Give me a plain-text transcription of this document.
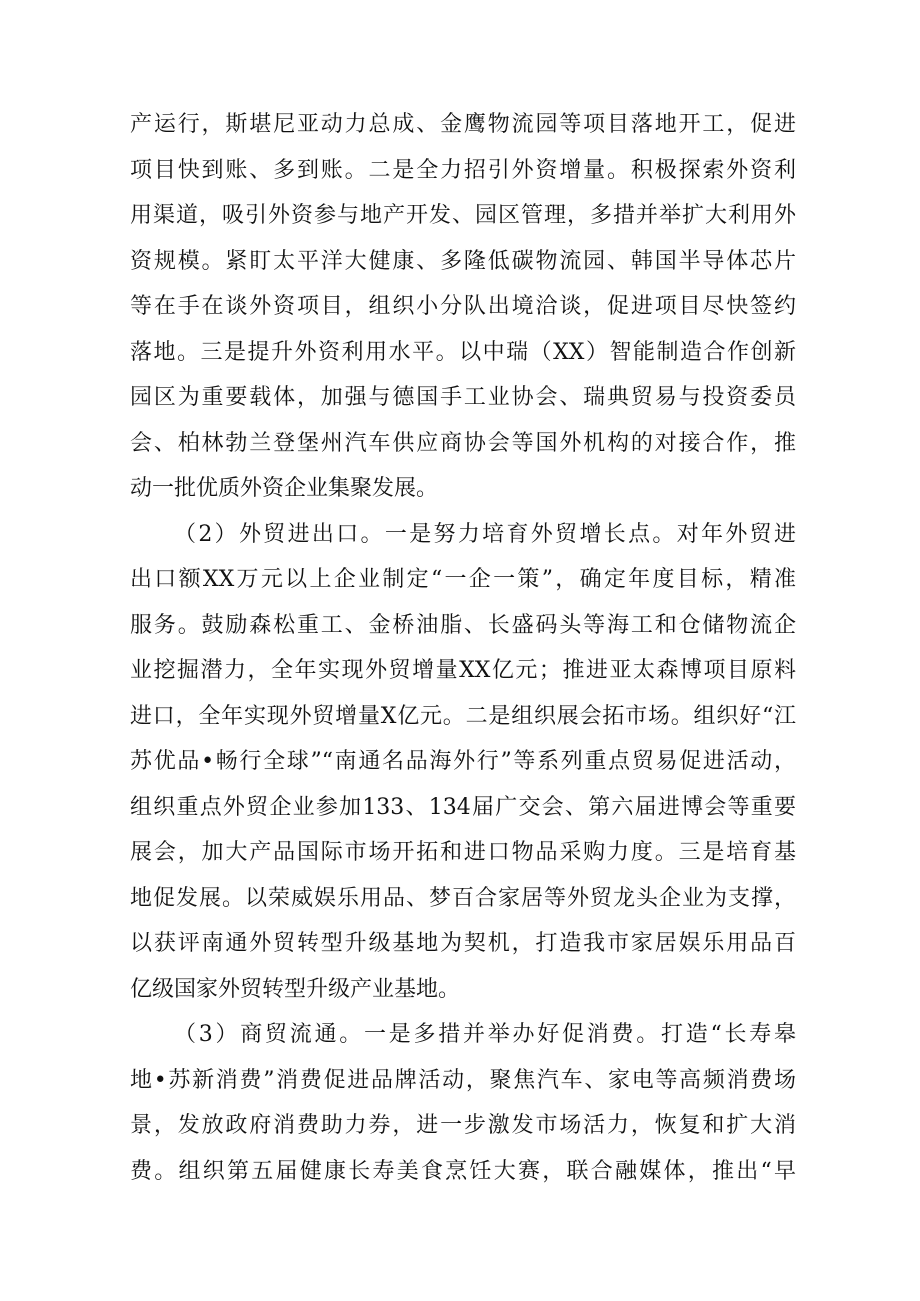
产运行，斯堪尼亚动力总成、金鹰物流园等项目落地开工，促进
项目快到账、多到账。二是全力招引外资增量。积极探索外资利
用渠道，吸引外资参与地产开发、园区管理，多措并举扩大利用外
资规模。紧盯太平洋大健康、多隆低碳物流园、韩国半导体芯片
等在手在谈外资项目，组织小分队出境洽谈，促进项目尽快签约
落地。三是提升外资利用水平。以中瑞（XX）智能制造合作创新
园区为重要载体，加强与德国手工业协会、瑞典贸易与投资委员
会、柏林勃兰登堡州汽车供应商协会等国外机构的对接合作，推
动一批优质外资企业集聚发展。
（2）外贸进出口。一是努力培育外贸增长点。对年外贸进
出口额XX万元以上企业制定“一企一策”，确定年度目标，精准
服务。鼓励森松重工、金桥油脂、长盛码头等海工和仓储物流企
业挖掘潜力，全年实现外贸增量XX亿元；推进亚太森博项目原料
进口，全年实现外贸增量X亿元。二是组织展会拓市场。组织好“江
苏优品•畅行全球”“南通名品海外行”等系列重点贸易促进活动，
组织重点外贸企业参加133、134届广交会、第六届进博会等重要
展会，加大产品国际市场开拓和进口物品采购力度。三是培育基
地促发展。以荣威娱乐用品、梦百合家居等外贸龙头企业为支撑，
以获评南通外贸转型升级基地为契机，打造我市家居娱乐用品百
亿级国家外贸转型升级产业基地。
（3）商贸流通。一是多措并举办好促消费。打造“长寿皋
地•苏新消费”消费促进品牌活动，聚焦汽车、家电等高频消费场
景，发放政府消费助力券，进一步激发市场活力，恢复和扩大消
费。组织第五届健康长寿美食烹饪大赛，联合融媒体，推出“早
